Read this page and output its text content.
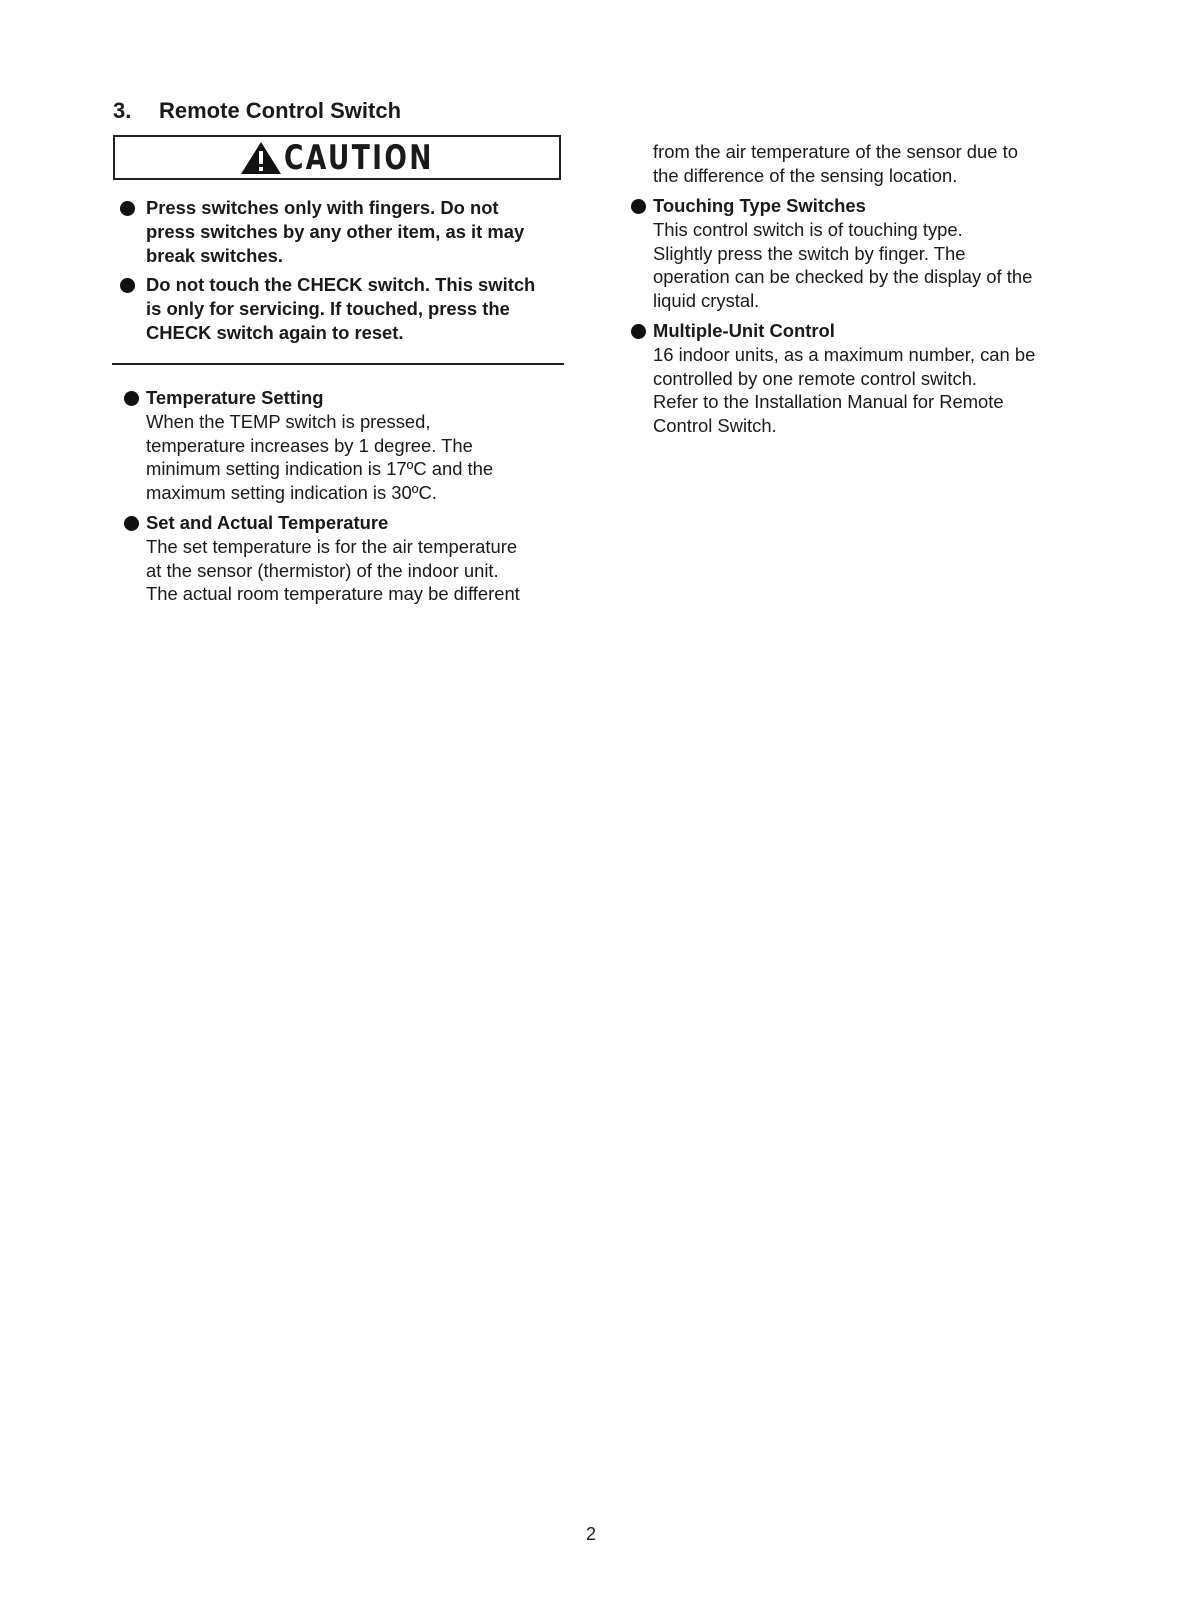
3. Remote Control Switch
CAUTION
Press switches only with fingers. Do not
press switches by any other item, as it may
break switches.
Do not touch the CHECK switch. This switch
is only for servicing. If touched, press the
CHECK switch again to reset.
Temperature Setting
When the TEMP switch is pressed,
temperature increases by 1 degree. The
minimum setting indication is 17ºC and the
maximum setting indication is 30ºC.
Set and Actual Temperature
The set temperature is for the air temperature
at the sensor (thermistor) of the indoor unit.
The actual room temperature may be different
from the air temperature of the sensor due to
the difference of the sensing location.
Touching Type Switches
This control switch is of touching type.
Slightly press the switch by finger. The
operation can be checked by the display of the
liquid crystal.
Multiple-Unit Control
16 indoor units, as a maximum number, can be
controlled by one remote control switch.
Refer to the Installation Manual for Remote
Control Switch.
2
